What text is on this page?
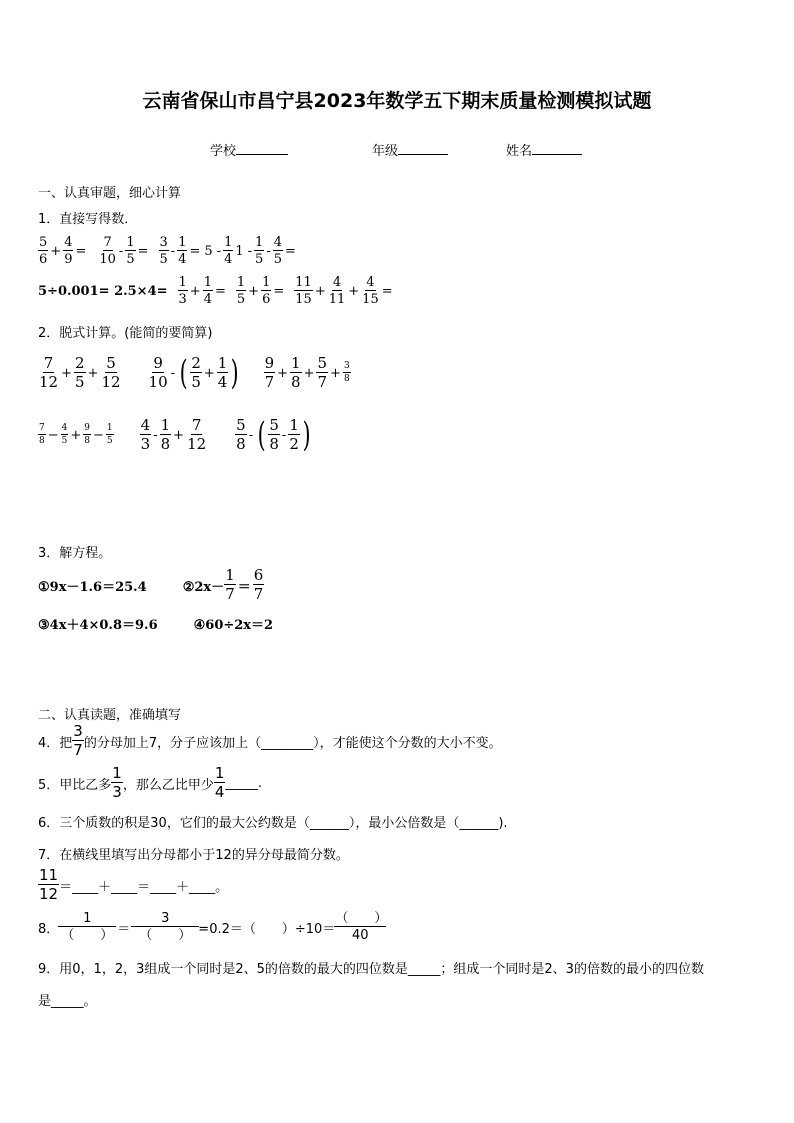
云南省保山市昌宁县2023年数学五下期末质量检测模拟试题
学校	年级	姓名
一、认真审题，细心计算
1．直接写得数．
$\frac{5}{6} + \frac{4}{9} = \frac{7}{10} - \frac{1}{5} = \frac{3}{5} - \frac{1}{4} = 5 - \frac{1}{4} 1 - \frac{1}{5} - \frac{4}{5}$ =
$5\div 0.001= 2.5\times 4= \frac{1}{3} + \frac{1}{4} = \frac{1}{5} + \frac{1}{6} = \frac{11}{15} + \frac{4}{11} + \frac{4}{15}$ =
2．脱式计算。(能简的要简算)
$\frac{7}{12} + \frac{2}{5} + \frac{5}{12} \frac{9}{10}$ - ( $\frac{2}{5} + \frac{1}{4}$ ) $\frac{9}{7} + \frac{1}{8} + \frac{5}{7} + \frac{3}{8}$
$\frac{7}{8} - \frac{4}{5} + \frac{9}{8} - \frac{1}{5} \frac{4}{3} - \frac{1}{8} + \frac{7}{12} \frac{5}{8}$ - ( $\frac{5}{8} - \frac{1}{2}$ )
3．解方程。
①9x－1.6＝25.4	②2x－ $\frac{1}{7} = \frac{6}{7}$
③4x＋4×0.8＝9.6	④60÷2x＝2
二、认真读题，准确填写
4．把 $\frac{3}{7}$ 的分母加上7，分子应该加上（________），才能使这个分数的大小不变。
5．甲比乙多 $\frac{1}{3}$ ，那么乙比甲少 $\frac{1}{4}$ _____.
6．三个质数的积是30，它们的最大公约数是（______），最小公倍数是（______).
7．在横线里填写出分母都小于12的异分母最简分数。
$\frac{11}{12}$ ＝____＋____＝____＋____。
8． $\frac{1}{( )} = \frac{3}{( )} =0.2=$（　　）$\div 10= \frac{( )}{40}$
9．用0，1，2，3组成一个同时是2、5的倍数的最大的四位数是_____；组成一个同时是2、3的倍数的最小的四位数
是_____。
